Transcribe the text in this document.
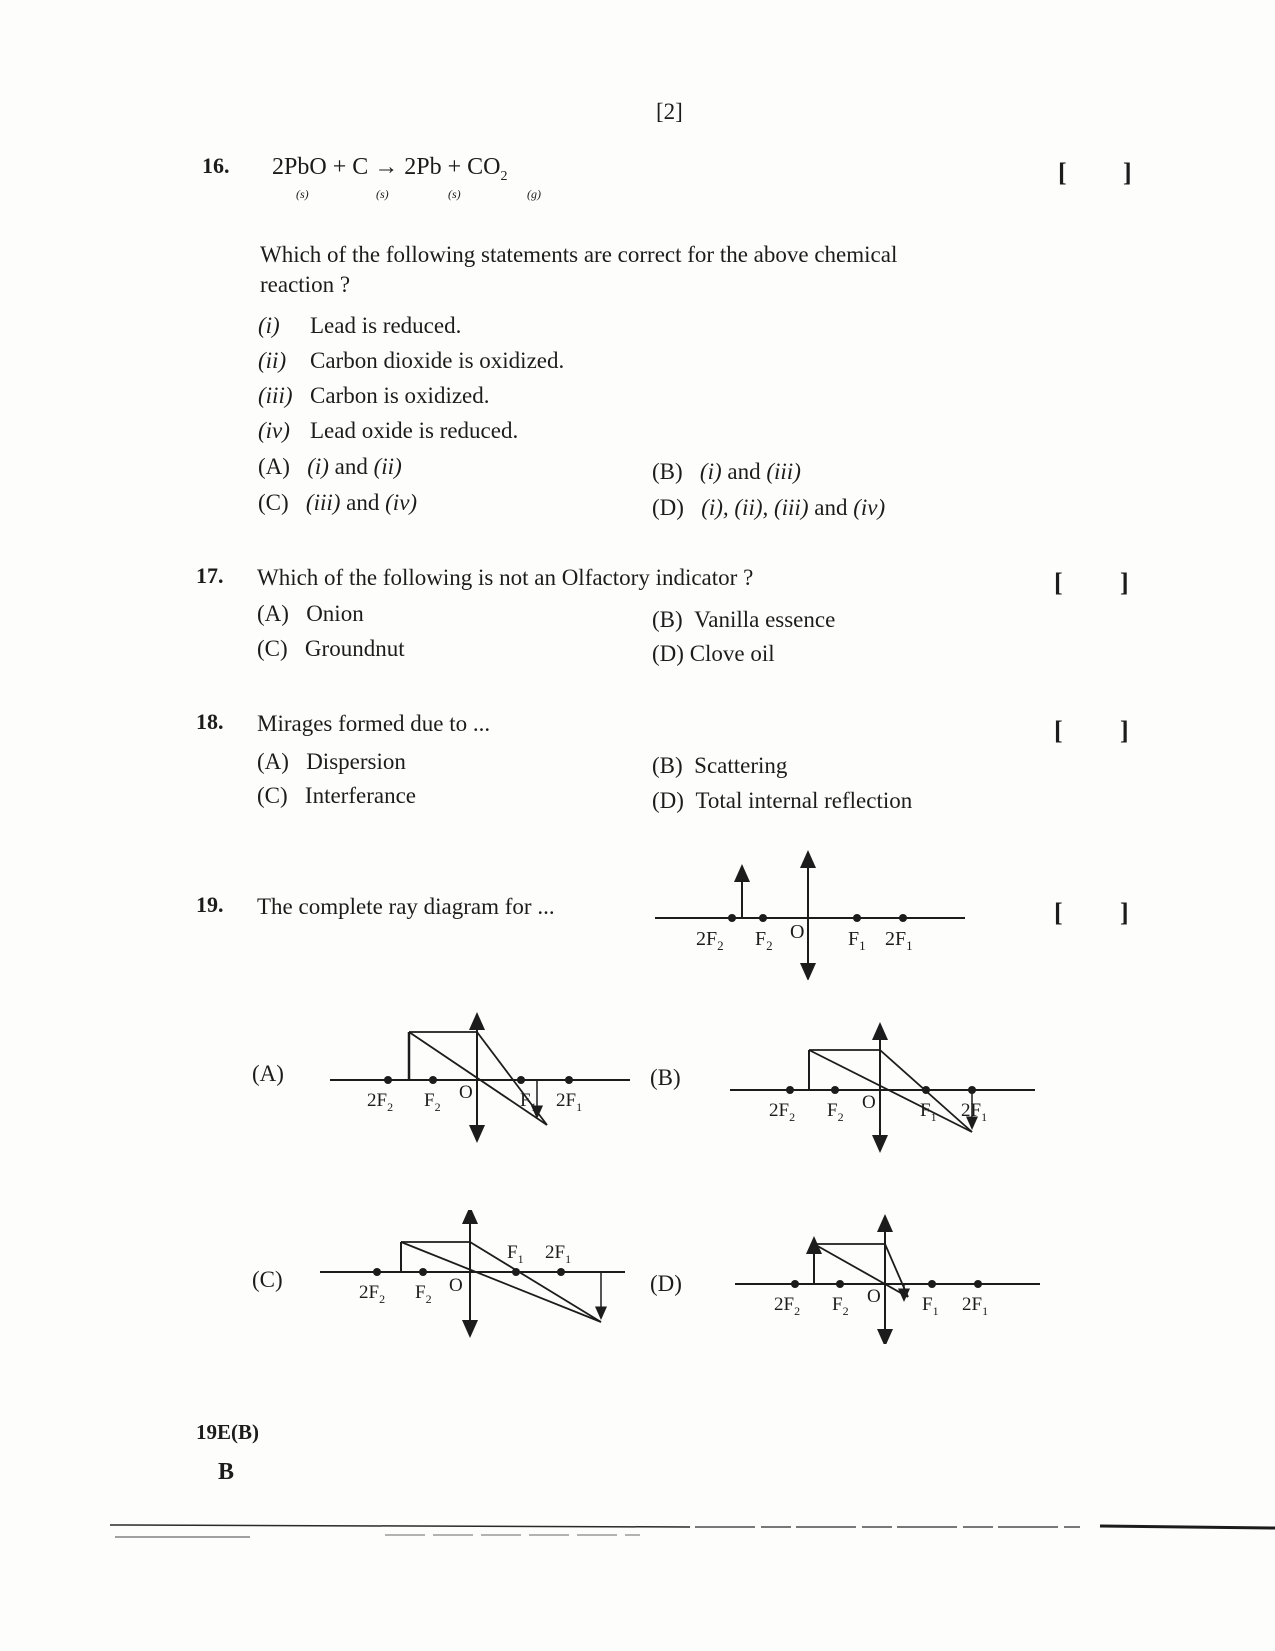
[2]
16. $2PbO + C \to 2Pb + CO_2$
(s)	(s)	(s)	(g)
[ ]
Which of the following statements are correct for the above chemical
reaction ?
(i) Lead is reduced.
(ii) Carbon dioxide is oxidized.
(iii) Carbon is oxidized.
(iv) Lead oxide is reduced.
(A) (i) and (ii)	(B) (i) and (iii)
(C) (iii) and (iv)	(D) (i), (ii), (iii) and (iv)
17. Which of the following is not an Olfactory indicator ?	[ ]
(A) Onion	(B) Vanilla essence
(C) Groundnut	(D) Clove oil
18. Mirages formed due to ...	[ ]
(A) Dispersion	(B) Scattering
(C) Interferance	(D) Total internal reflection
19. The complete ray diagram for ...	[ ]
$2F_2$ $F_2$
O $F_1$ $2F_1$
(A)
$2F_2$ $F_2$
O $F_1$ $2F_1$
(B)
$2F_2$ $F_2$
O $F_1$ $2F_1$
(C)
$2F_2$ $F_2$
O
$F_1$ $2F_1$
(D)
$2F_2$ $F_2$
O $F_1$ $2F_1$
19E(B)
B
